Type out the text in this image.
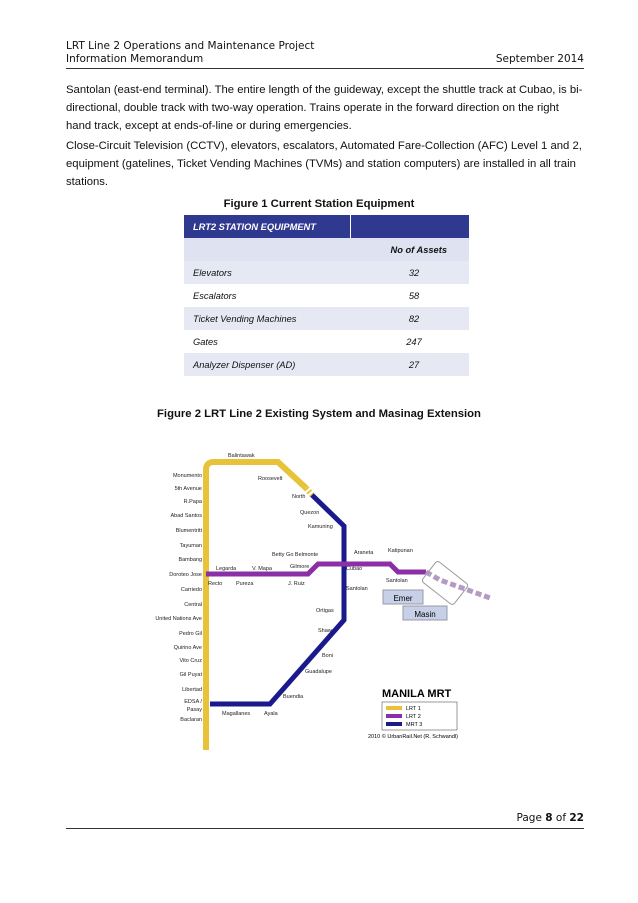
LRT Line 2 Operations and Maintenance Project
Information Memorandum	September 2014
Santolan (east-end terminal). The entire length of the guideway, except the shuttle track at Cubao, is bi-directional, double track with two-way operation. Trains operate in the forward direction on the right hand track, except at ends-of-line or during emergencies.
Close-Circuit Television (CCTV), elevators, escalators, Automated Fare-Collection (AFC) Level 1 and 2, equipment (gatelines, Ticket Vending Machines (TVMs) and station computers) are installed in all train stations.
Figure 1 Current Station Equipment
LRT2 STATION EQUIPMENT	
	No of Assets
Elevators	32
Escalators	58
Ticket Vending Machines	82
Gates	247
Analyzer Dispenser (AD)	27
Figure 2 LRT Line 2 Existing System and Masinag Extension
Emer
Masin
Monumento
5th Avenue
R.Papa
Abad Santos
Blumentritt
Tayuman
Bambang
Doroteo Jose
Carriedo
Central
United Nations Ave
Pedro Gil
Quirino Ave
Vito Cruz
Gil Puyat
Libertad
EDSA /
Pasay
Baclaran
Balintawak
Roosevelt
North
Quezon
Kamuning
Cubao
Santolan
Ortigas
Shaw
Boni
Guadalupe
Buendia
Ayala
Magallanes
Legarda
Recto
V. Mapa
Pureza
Gilmore
J. Ruiz
Betty Go Belmonte	Araneta	Katipunan
Santolan
MANILA MRT
LRT 1
LRT 2
MRT 3
2010 © UrbanRail.Net (R. Schwandl)
Page 8 of 22
